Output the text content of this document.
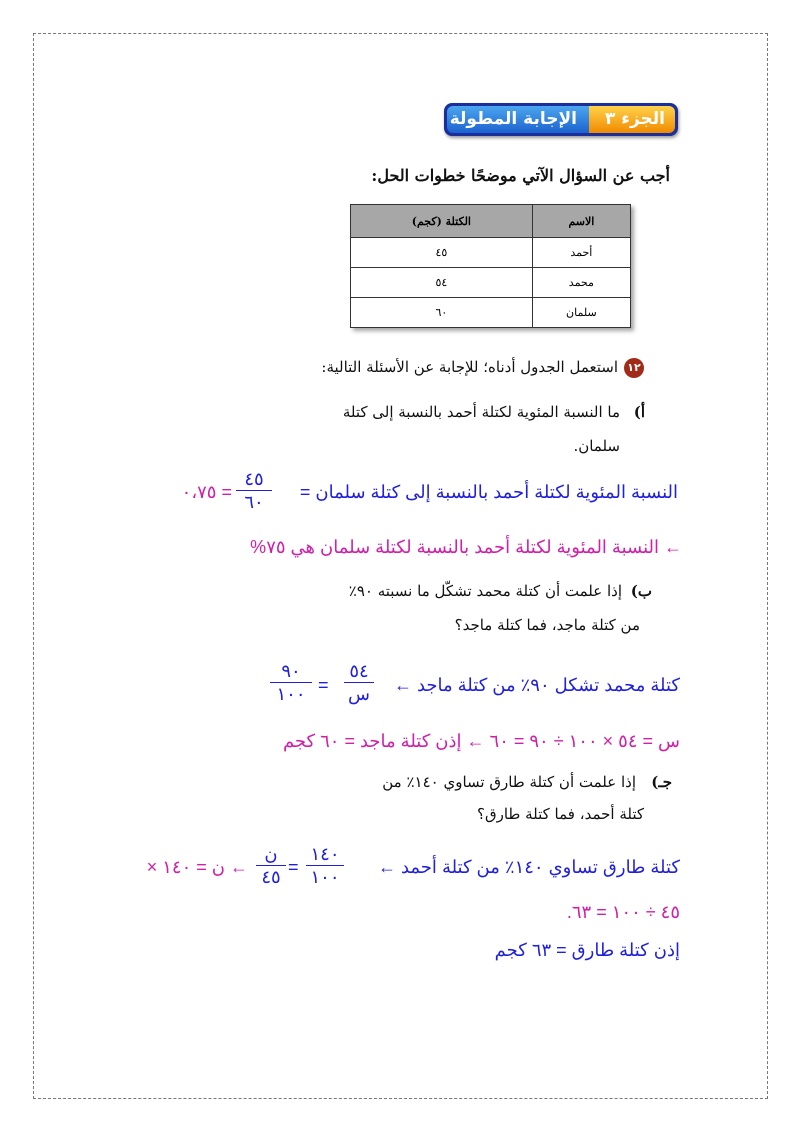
الجزء ٣
الإجابة المطولة
أجب عن السؤال الآتي موضحًا خطوات الحل:
الاسم	الكتلة (كجم)
أحمد	٤٥
محمد	٥٤
سلمان	٦٠
١٢
استعمل الجدول أدناه؛ للإجابة عن الأسئلة التالية:
أ)
ما النسبة المئوية لكتلة أحمد بالنسبة إلى كتلة
سلمان.
النسبة المئوية لكتلة أحمد بالنسبة إلى كتلة سلمان =
٤٥
٦٠
= ٠،٧٥
← النسبة المئوية لكتلة أحمد بالنسبة لكتلة سلمان هي ٧٥%
ب)
إذا علمت أن كتلة محمد تشكّل ما نسبته ٩٠٪
من كتلة ماجد، فما كتلة ماجد؟
كتلة محمد تشكل ٩٠٪ من كتلة ماجد ←
٥٤
س
=
٩٠
١٠٠
س = ٥٤ × ١٠٠ ÷ ٩٠ = ٦٠ ← إذن كتلة ماجد = ٦٠ كجم
جـ)
إذا علمت أن كتلة طارق تساوي ١٤٠٪ من
كتلة أحمد، فما كتلة طارق؟
كتلة طارق تساوي ١٤٠٪ من كتلة أحمد ←
١٤٠
١٠٠
=
ن
٤٥
← ن = ١٤٠ ×
٤٥ ÷ ١٠٠ = ٦٣.
إذن كتلة طارق = ٦٣ كجم
